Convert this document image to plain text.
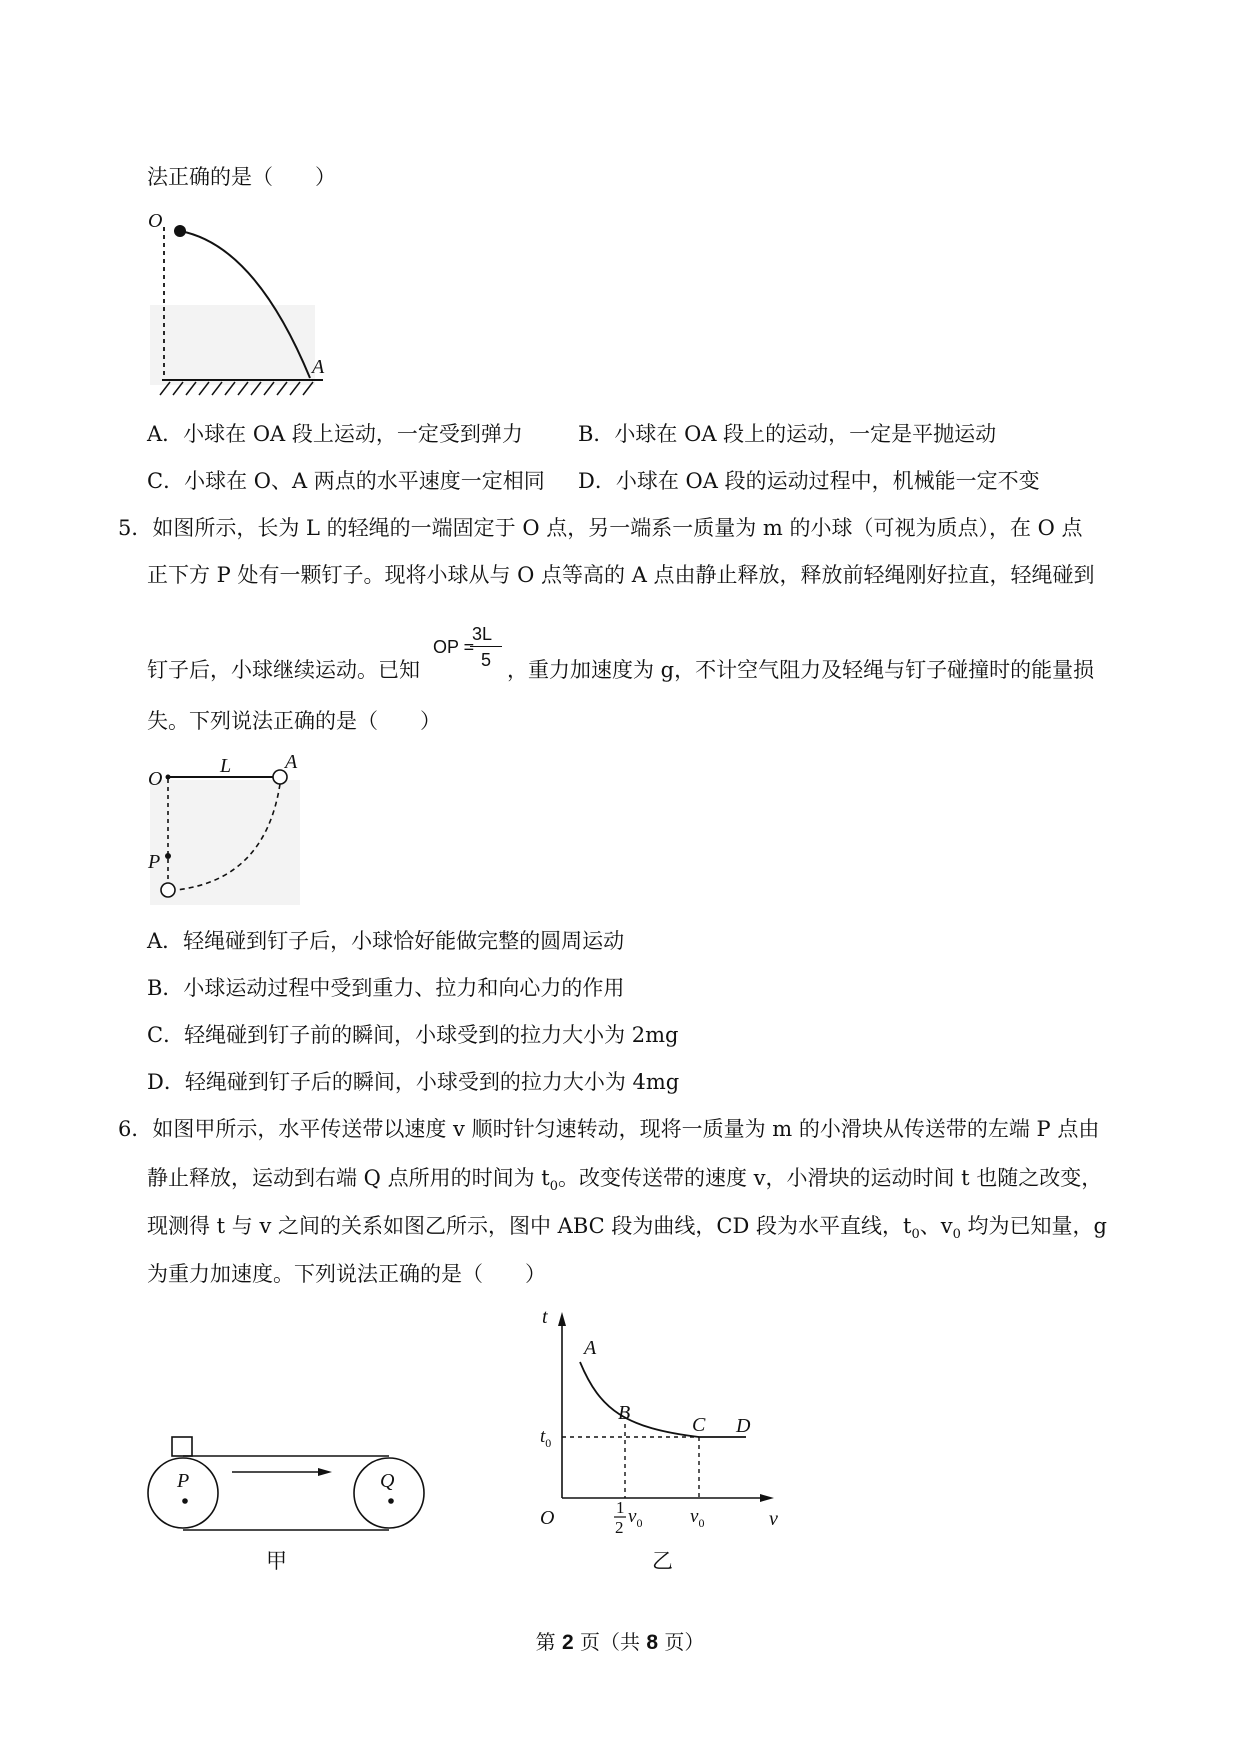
法正确的是（　　）
O
A
A．小球在 OA 段上运动，一定受到弹力	B．小球在 OA 段上的运动，一定是平抛运动
C．小球在 O、A 两点的水平速度一定相同 D．小球在 OA 段的运动过程中，机械能一定不变
5．如图所示，长为 L 的轻绳的一端固定于 O 点，另一端系一质量为 m 的小球（可视为质点），在 O 点
正下方 P 处有一颗钉子。现将小球从与 O 点等高的 A 点由静止释放，释放前轻绳刚好拉直，轻绳碰到
钉子后，小球继续运动。已知
OP =
3L
5 ，重力加速度为 g，不计空气阻力及轻绳与钉子碰撞时的能量损
失。下列说法正确的是（　　）
O
L	A
P
A．轻绳碰到钉子后，小球恰好能做完整的圆周运动
B．小球运动过程中受到重力、拉力和向心力的作用
C．轻绳碰到钉子前的瞬间，小球受到的拉力大小为 2mg
D．轻绳碰到钉子后的瞬间，小球受到的拉力大小为 4mg
6．如图甲所示，水平传送带以速度 v 顺时针匀速转动，现将一质量为 m 的小滑块从传送带的左端 P 点由
静止释放，运动到右端 Q 点所用的时间为 $t_0$。改变传送带的速度 v，小滑块的运动时间 t 也随之改变，
现测得 t 与 v 之间的关系如图乙所示，图中 ABC 段为曲线，CD 段为水平直线，$t_0$、$v_0$ 均为已知量，g
为重力加速度。下列说法正确的是（　　）
P	Q
甲
t
v
O
A
B
C D
$t_0$
1
2
$v_0$	$v_0$
乙
第 2 页（共 8 页）
